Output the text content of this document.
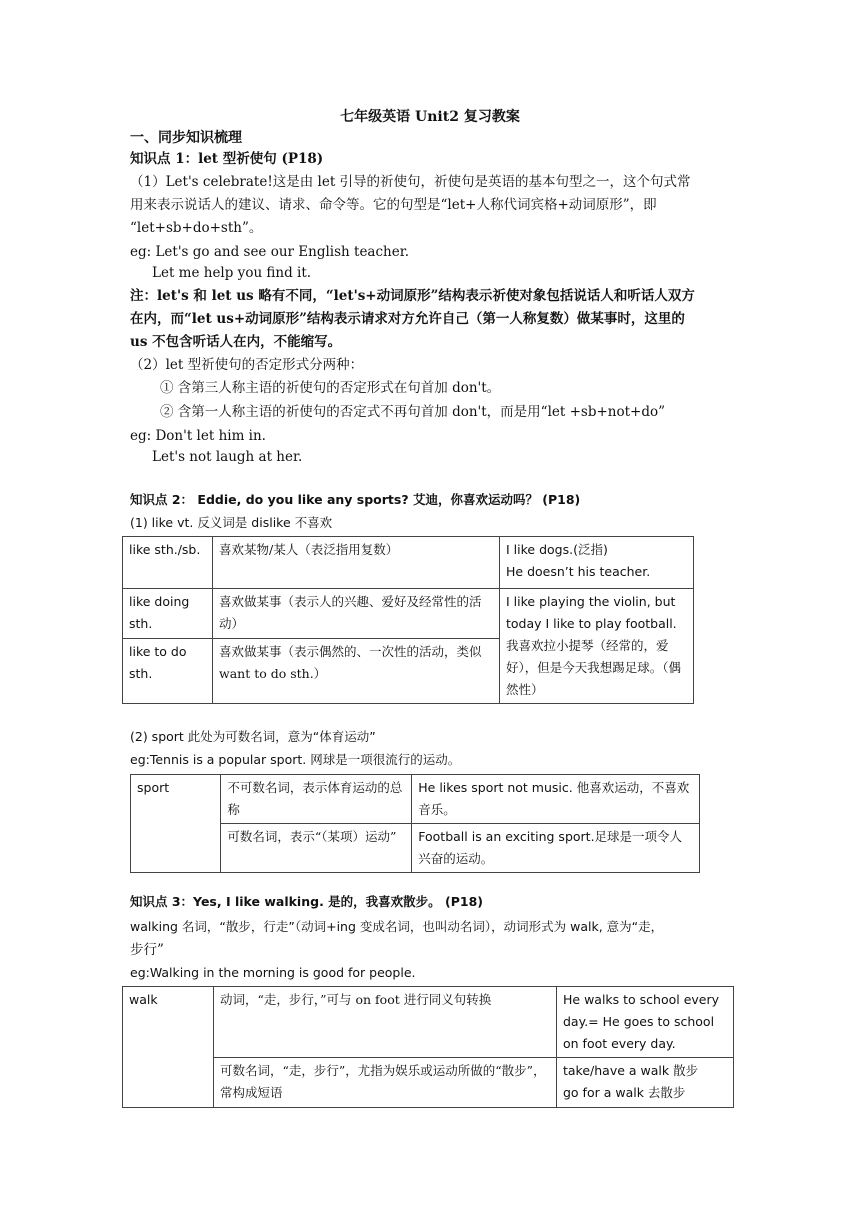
七年级英语 Unit2 复习教案
一、同步知识梳理
知识点 1：let 型祈使句 (P18)
（1）Let's celebrate!这是由 let 引导的祈使句，祈使句是英语的基本句型之一，这个句式常
用来表示说话人的建议、请求、命令等。它的句型是“let+人称代词宾格+动词原形”，即
“let+sb+do+sth”。
eg: Let's go and see our English teacher.
Let me help you find it.
注：let's 和 let us 略有不同，“let's+动词原形”结构表示祈使对象包括说话人和听话人双方
在内，而“let us+动词原形”结构表示请求对方允许自己（第一人称复数）做某事时，这里的
us 不包含听话人在内，不能缩写。
（2）let 型祈使句的否定形式分两种：
① 含第三人称主语的祈使句的否定形式在句首加 don't。
② 含第一人称主语的祈使句的否定式不再句首加 don't，而是用“let +sb+not+do”
eg: Don't let him in.
Let's not laugh at her.
知识点 2： Eddie, do you like any sports? 艾迪，你喜欢运动吗？ (P18)
(1) like vt. 反义词是 dislike 不喜欢
like sth./sb.	喜欢某物/某人（表泛指用复数）	I like dogs.(泛指)
He doesn’t his teacher.

like doing sth.	喜欢做某事（表示人的兴趣、爱好及经常性的活动）	I like playing the violin, but today I like to play football. 我喜欢拉小提琴（经常的，爱好），但是今天我想踢足球。（偶然性）
like to do sth.	喜欢做某事（表示偶然的、一次性的活动，类似 want to do sth.）	
(2) sport 此处为可数名词，意为“体育运动”
eg:Tennis is a popular sport. 网球是一项很流行的运动。
sport	不可数名词，表示体育运动的总称	He likes sport not music. 他喜欢运动，不喜欢音乐。
	可数名词，表示“（某项）运动”	Football is an exciting sport.足球是一项令人兴奋的运动。
知识点 3：Yes, I like walking. 是的，我喜欢散步。 (P18)
walking 名词，“散步，行走”（动词+ing 变成名词，也叫动名词），动词形式为 walk, 意为“走，
步行”
eg:Walking in the morning is good for people.
walk	动词，“走，步行，”可与 on foot 进行同义句转换	He walks to school every day.= He goes to school on foot every day.
	可数名词，“走，步行”，尤指为娱乐或运动所做的“散步”，常构成短语	take/have a walk 散步
go for a walk 去散步
